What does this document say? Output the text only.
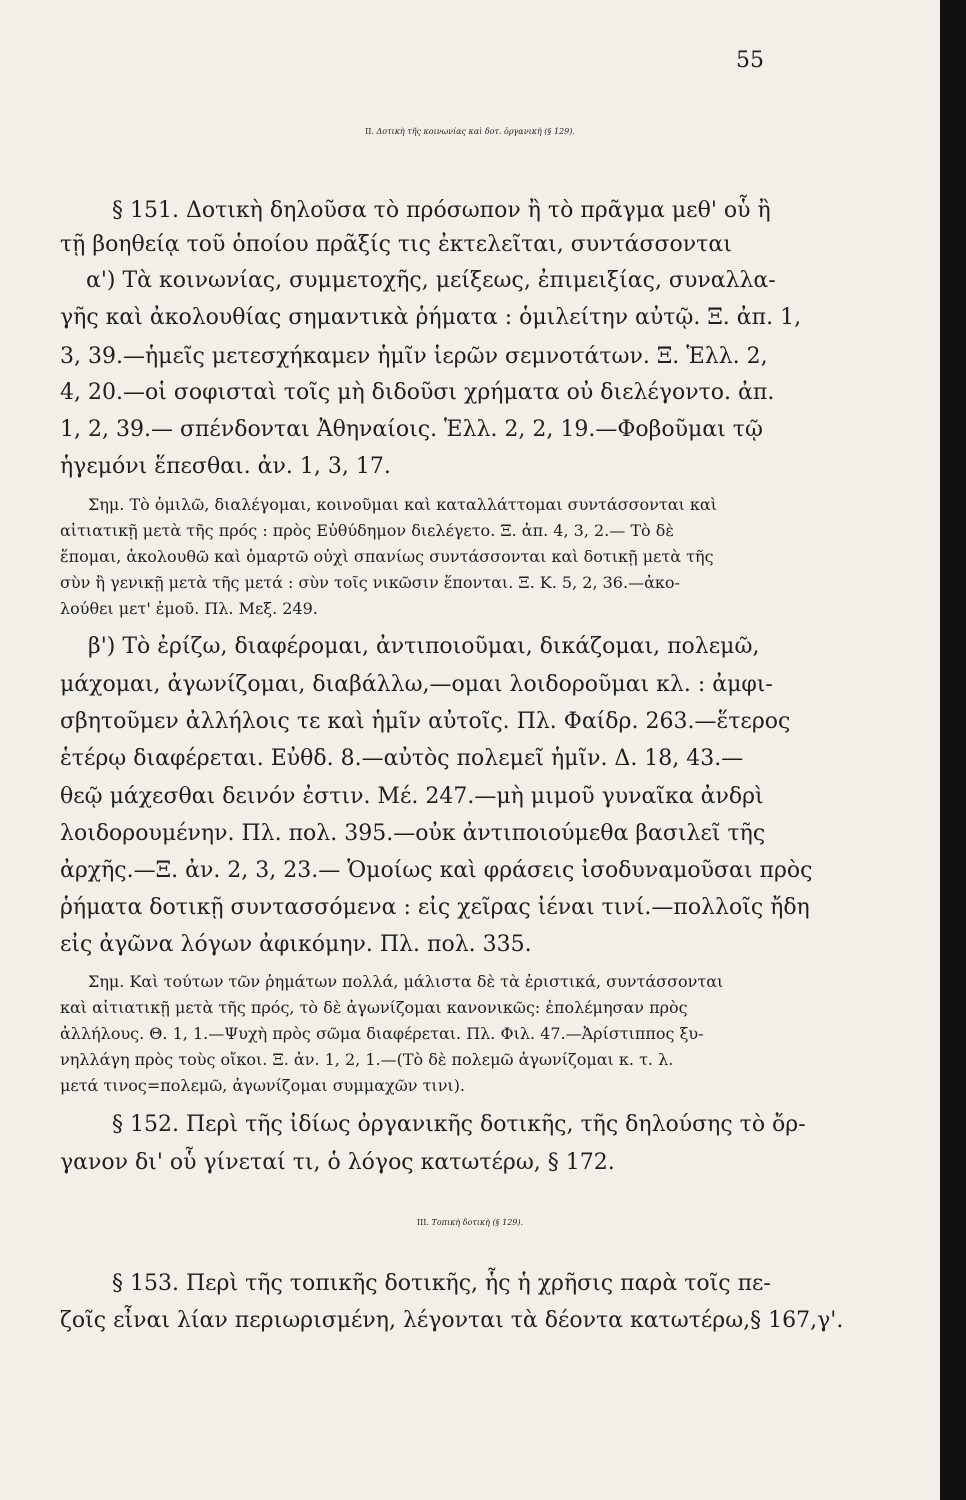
55
II. Δοτικὴ τῆς κοινωνίας καὶ δοτ. ὀργανικὴ (§ 129).
§ 151. Δοτικὴ δηλοῦσα τὸ πρόσωπον ἢ τὸ πρᾶγμα μεθ' οὗ ἢ
τῇ βοηθείᾳ τοῦ ὁποίου πρᾶξίς τις ἐκτελεῖται, συντάσσονται
α') Τὰ κοινωνίας, συμμετοχῆς, μείξεως, ἐπιμειξίας, συναλλα-
γῆς καὶ ἀκολουθίας σημαντικὰ ῥήματα : ὁμιλείτην αὐτῷ. Ξ. ἀπ. 1,
3, 39.—ἡμεῖς μετεσχήκαμεν ἡμῖν ἱερῶν σεμνοτάτων. Ξ. Ἑλλ. 2,
4, 20.—οἱ σοφισταὶ τοῖς μὴ διδοῦσι χρήματα οὐ διελέγοντο. ἀπ.
1, 2, 39.— σπένδονται Ἀθηναίοις. Ἑλλ. 2, 2, 19.—Φοβοῦμαι τῷ
ἡγεμόνι ἕπεσθαι. ἀν. 1, 3, 17.
Σημ. Τὸ ὁμιλῶ, διαλέγομαι, κοινοῦμαι καὶ καταλλάττομαι συντάσσονται καὶ
αἰτιατικῇ μετὰ τῆς πρός : πρὸς Εὐθύδημον διελέγετο. Ξ. ἀπ. 4, 3, 2.— Τὸ δὲ
ἕπομαι, ἀκολουθῶ καὶ ὁμαρτῶ οὐχὶ σπανίως συντάσσονται καὶ δοτικῇ μετὰ τῆς
σὺν ἢ γενικῇ μετὰ τῆς μετά : σὺν τοῖς νικῶσιν ἕπονται. Ξ. Κ. 5, 2, 36.—ἀκο-
λούθει μετ' ἐμοῦ. Πλ. Μεξ. 249.
β') Τὸ ἐρίζω, διαφέρομαι, ἀντιποιοῦμαι, δικάζομαι, πολεμῶ,
μάχομαι, ἀγωνίζομαι, διαβάλλω,—ομαι λοιδοροῦμαι κλ. : ἀμφι-
σβητοῦμεν ἀλλήλοις τε καὶ ἡμῖν αὐτοῖς. Πλ. Φαίδρ. 263.—ἕτερος
ἑτέρῳ διαφέρεται. Εὐθδ. 8.—αὐτὸς πολεμεῖ ἡμῖν. Δ. 18, 43.—
θεῷ μάχεσθαι δεινόν ἐστιν. Μέ. 247.—μὴ μιμοῦ γυναῖκα ἀνδρὶ
λοιδορουμένην. Πλ. πολ. 395.—οὐκ ἀντιποιούμεθα βασιλεῖ τῆς
ἀρχῆς.—Ξ. ἀν. 2, 3, 23.— Ὁμοίως καὶ φράσεις ἰσοδυναμοῦσαι πρὸς
ῥήματα δοτικῇ συντασσόμενα : εἰς χεῖρας ἰέναι τινί.—πολλοῖς ἤδη
εἰς ἀγῶνα λόγων ἀφικόμην. Πλ. πολ. 335.
Σημ. Καὶ τούτων τῶν ῥημάτων πολλά, μάλιστα δὲ τὰ ἐριστικά, συντάσσονται
καὶ αἰτιατικῇ μετὰ τῆς πρός, τὸ δὲ ἀγωνίζομαι κανονικῶς: ἐπολέμησαν πρὸς
ἀλλήλους. Θ. 1, 1.—Ψυχὴ πρὸς σῶμα διαφέρεται. Πλ. Φιλ. 47.—Ἀρίστιππος ξυ-
νηλλάγη πρὸς τοὺς οἴκοι. Ξ. ἀν. 1, 2, 1.—(Τὸ δὲ πολεμῶ ἀγωνίζομαι κ. τ. λ.
μετά τινος=πολεμῶ, ἀγωνίζομαι συμμαχῶν τινι).
§ 152. Περὶ τῆς ἰδίως ὀργανικῆς δοτικῆς, τῆς δηλούσης τὸ ὄρ-
γανον δι' οὗ γίνεταί τι, ὁ λόγος κατωτέρω, § 172.
III. Τοπικὴ δοτικὴ (§ 129).
§ 153. Περὶ τῆς τοπικῆς δοτικῆς, ἧς ἡ χρῆσις παρὰ τοῖς πε-
ζοῖς εἶναι λίαν περιωρισμένη, λέγονται τὰ δέοντα κατωτέρω,§ 167,γ'.
